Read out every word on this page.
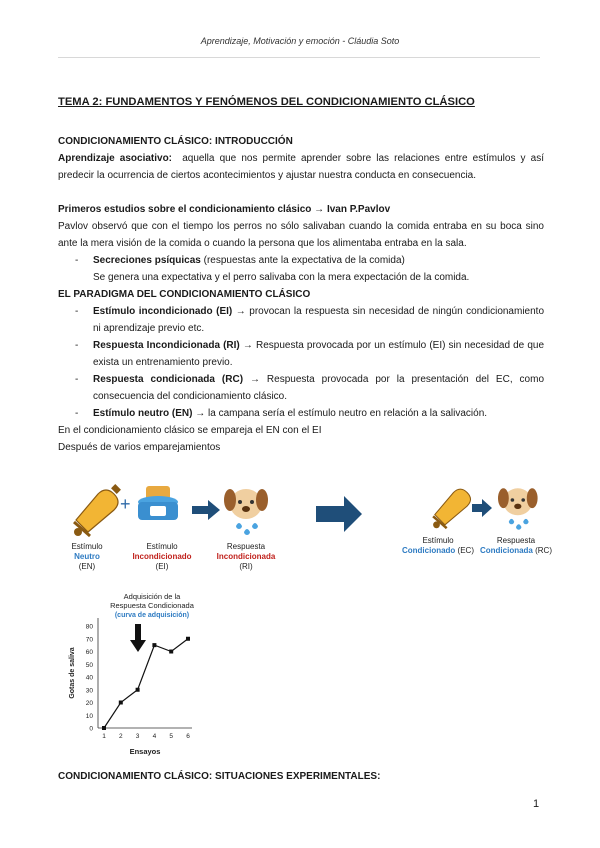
Aprendizaje, Motivación y emoción - Cláudia Soto

TEMA 2: FUNDAMENTOS Y FENÓMENOS DEL CONDICIONAMIENTO CLÁSICO

CONDICIONAMIENTO CLÁSICO: INTRODUCCIÓN

Aprendizaje asociativo: aquella que nos permite aprender sobre las relaciones entre estímulos y así predecir la ocurrencia de ciertos acontecimientos y ajustar nuestra conducta en consecuencia.

Primeros estudios sobre el condicionamiento clásico → Ivan P.Pavlov

Pavlov observó que con el tiempo los perros no sólo salivaban cuando la comida entraba en su boca sino ante la mera visión de la comida o cuando la persona que los alimentaba entraba en la sala.

- Secreciones psíquicas (respuestas ante la expectativa de la comida)

Se genera una expectativa y el perro salivaba con la mera expectación de la comida.

EL PARADIGMA DEL CONDICIONAMIENTO CLÁSICO

- Estímulo incondicionado (EI) → provocan la respuesta sin necesidad de ningún condicionamiento ni aprendizaje previo etc.
- Respuesta Incondicionada (RI) → Respuesta provocada por un estímulo (EI) sin necesidad de que exista un entrenamiento previo.
- Respuesta condicionada (RC) → Respuesta provocada por la presentación del EC, como consecuencia del condicionamiento clásico.
- Estímulo neutro (EN) → la campana sería el estímulo neutro en relación a la salivación.

En el condicionamiento clásico se empareja el EN con el EI

Después de varios emparejamientos

+
Estímulo
Neutro
(EN)
Estímulo
Incondicionado
(EI)
Respuesta
Incondicionada
(RI)
Estímulo
Condicionado (EC)
Respuesta
Condicionada (RC)
Adquisición de la
Respuesta Condicionada
(curva de adquisición)
Gotas de saliva
Ensayos
0
10
20
30
40
50
60
70
80
1 2 3 4 5 6
CONDICIONAMIENTO CLÁSICO: SITUACIONES EXPERIMENTALES:
1
